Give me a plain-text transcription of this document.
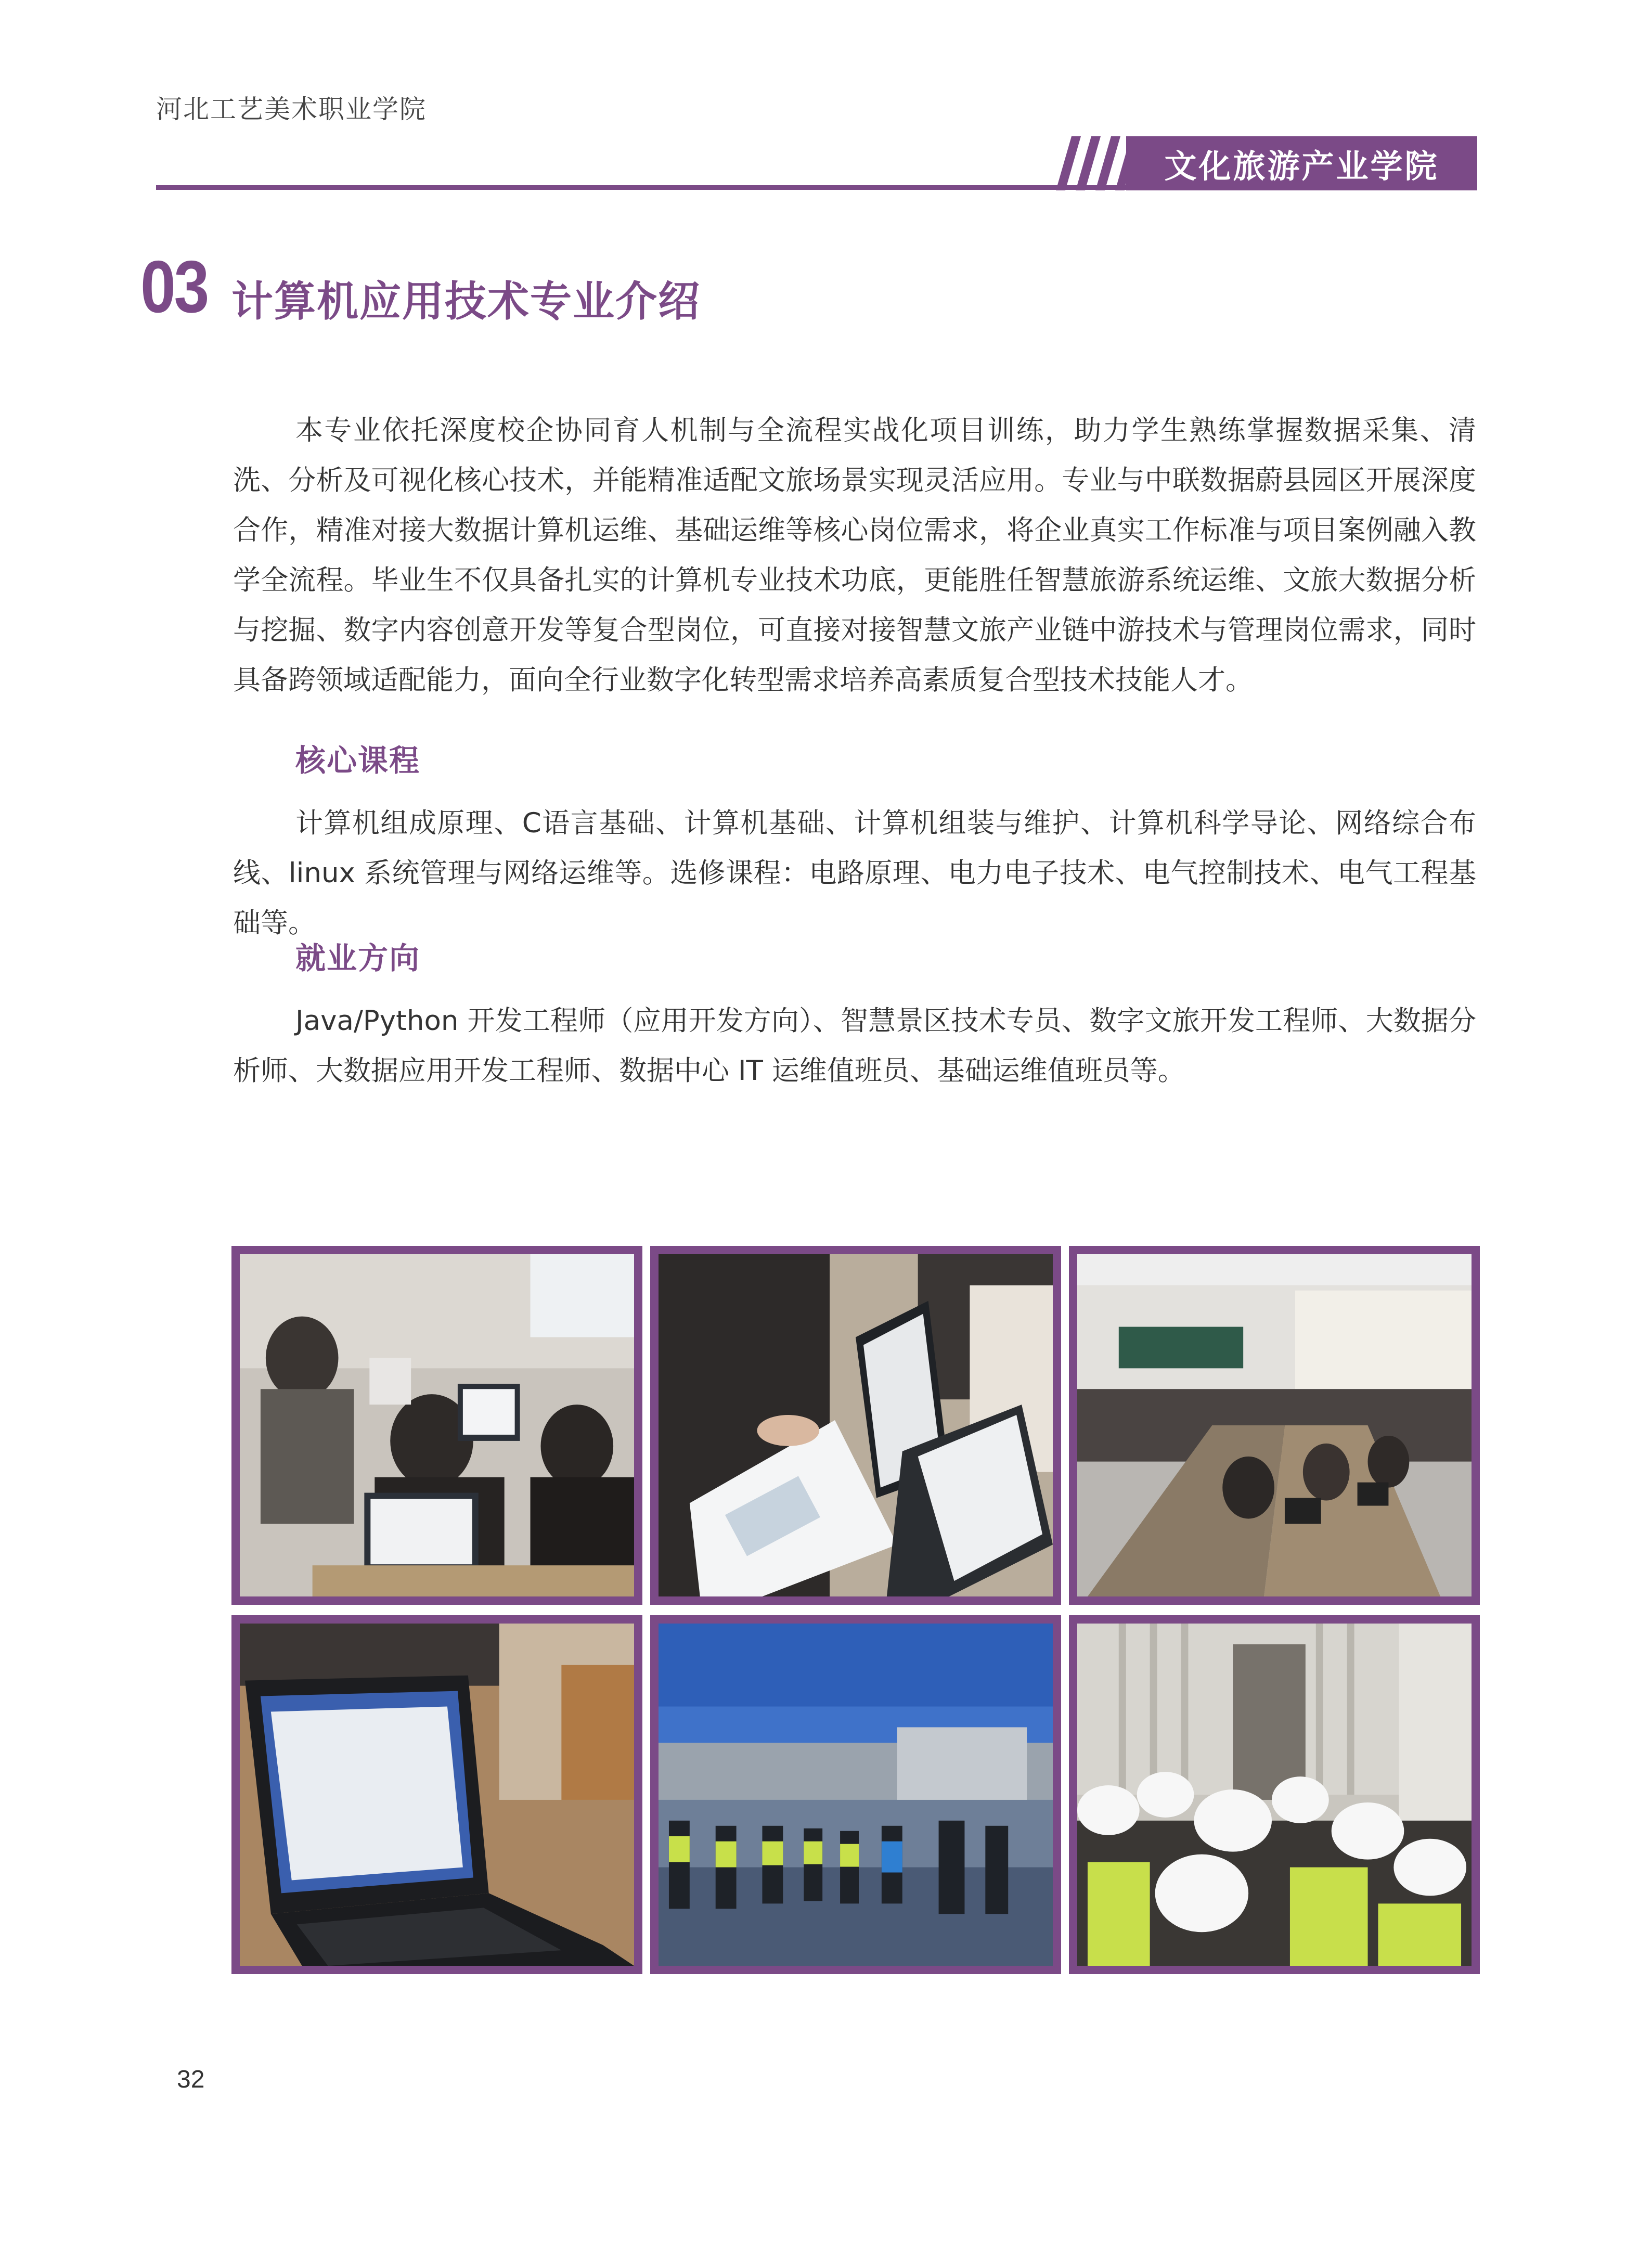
河北工艺美术职业学院
文化旅游产业学院
03 计算机应用技术专业介绍

本专业依托深度校企协同育人机制与全流程实战化项目训练，助力学生熟练掌握数据采集、清洗、分析及可视化核心技术，并能精准适配文旅场景实现灵活应用。专业与中联数据蔚县园区开展深度合作，精准对接大数据计算机运维、基础运维等核心岗位需求，将企业真实工作标准与项目案例融入教学全流程。毕业生不仅具备扎实的计算机专业技术功底，更能胜任智慧旅游系统运维、文旅大数据分析与挖掘、数字内容创意开发等复合型岗位，可直接对接智慧文旅产业链中游技术与管理岗位需求，同时具备跨领域适配能力，面向全行业数字化转型需求培养高素质复合型技术技能人才。

核心课程

计算机组成原理、C语言基础、计算机基础、计算机组装与维护、计算机科学导论、网络综合布线、linux 系统管理与网络运维等。选修课程：电路原理、电力电子技术、电气控制技术、电气工程基础等。

就业方向

Java/Python 开发工程师（应用开发方向）、智慧景区技术专员、数字文旅开发工程师、大数据分析师、大数据应用开发工程师、数据中心 IT 运维值班员、基础运维值班员等。

32
